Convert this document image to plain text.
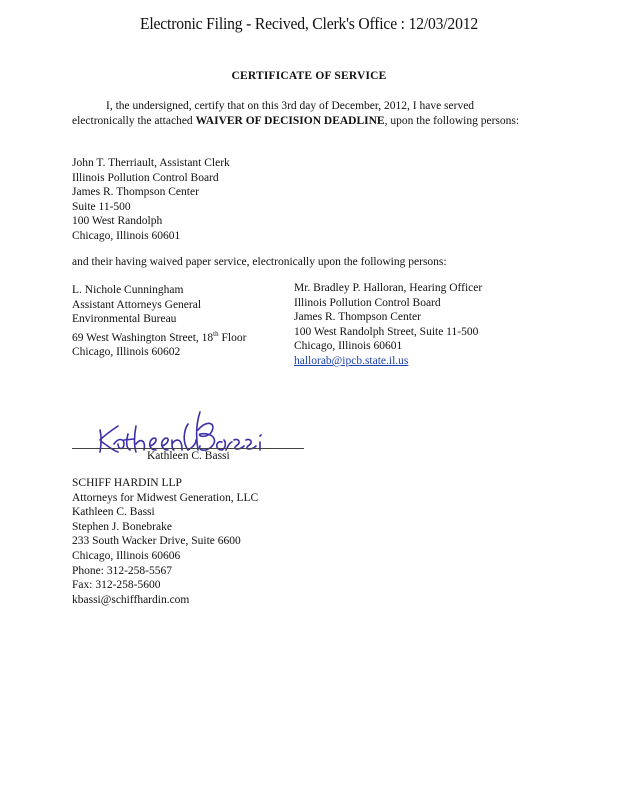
Electronic Filing - Recived, Clerk's Office : 12/03/2012
CERTIFICATE OF SERVICE
I, the undersigned, certify that on this 3rd day of December, 2012, I have served electronically the attached WAIVER OF DECISION DEADLINE, upon the following persons:
John T. Therriault, Assistant Clerk
Illinois Pollution Control Board
James R. Thompson Center
Suite 11-500
100 West Randolph
Chicago, Illinois 60601
and their having waived paper service, electronically upon the following persons:
L. Nichole Cunningham
Assistant Attorneys General
Environmental Bureau
69 West Washington Street, 18th Floor
Chicago, Illinois 60602
Mr. Bradley P. Halloran, Hearing Officer
Illinois Pollution Control Board
James R. Thompson Center
100 West Randolph Street, Suite 11-500
Chicago, Illinois 60601
hallorab@ipcb.state.il.us
Kathleen C. Bassi
SCHIFF HARDIN LLP
Attorneys for Midwest Generation, LLC
Kathleen C. Bassi
Stephen J. Bonebrake
233 South Wacker Drive, Suite 6600
Chicago, Illinois 60606
Phone: 312-258-5567
Fax: 312-258-5600
kbassi@schiffhardin.com
